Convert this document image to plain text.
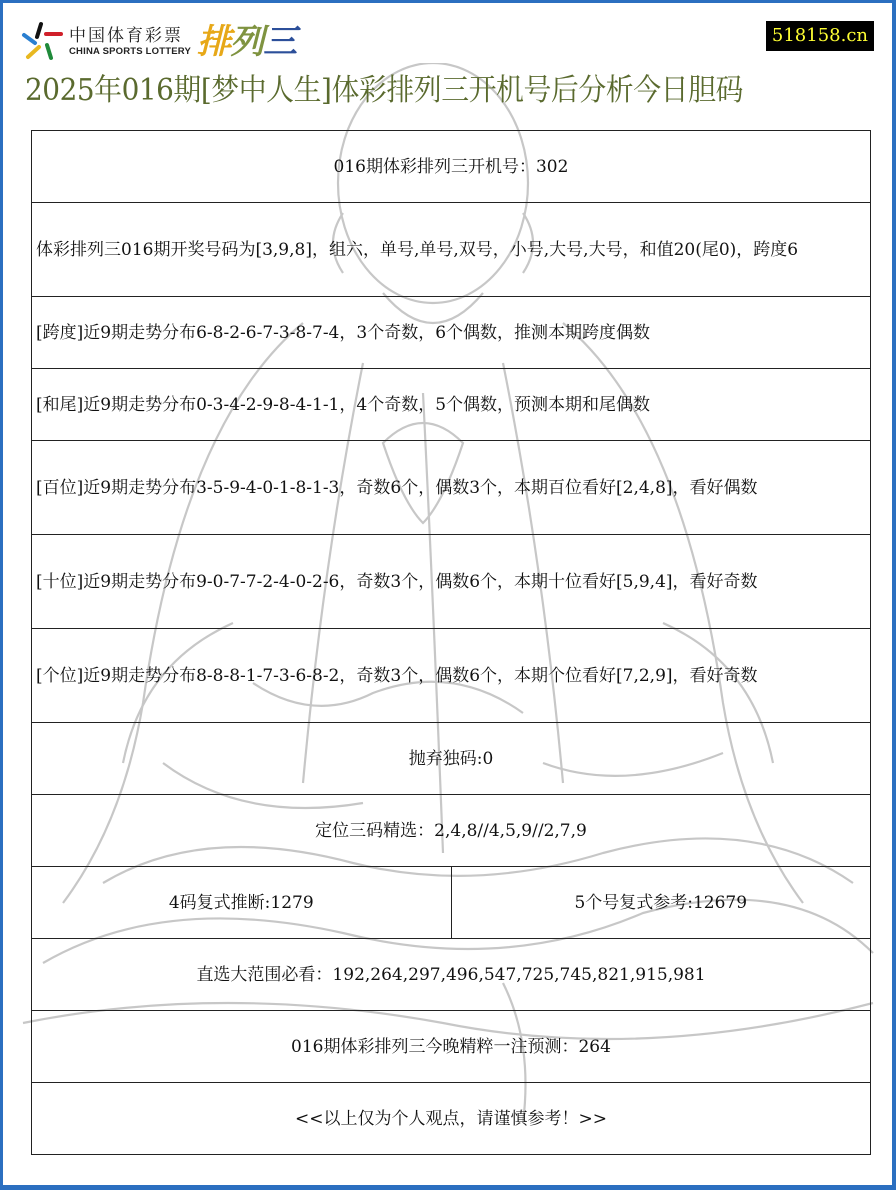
中国体育彩票
CHINA SPORTS LOTTERY 排 列 三	518158.cn
2025年016期[梦中人生]体彩排列三开机号后分析今日胆码
016期体彩排列三开机号：302
体彩排列三016期开奖号码为[3,9,8]，组六，单号,单号,双号，小号,大号,大号，和值20(尾0)，跨度6
[跨度]近9期走势分布6-8-2-6-7-3-8-7-4，3个奇数，6个偶数，推测本期跨度偶数
[和尾]近9期走势分布0-3-4-2-9-8-4-1-1，4个奇数，5个偶数，预测本期和尾偶数
[百位]近9期走势分布3-5-9-4-0-1-8-1-3，奇数6个，偶数3个，本期百位看好[2,4,8]，看好偶数
[十位]近9期走势分布9-0-7-7-2-4-0-2-6，奇数3个，偶数6个，本期十位看好[5,9,4]，看好奇数
[个位]近9期走势分布8-8-8-1-7-3-6-8-2，奇数3个，偶数6个，本期个位看好[7,2,9]，看好奇数
抛弃独码:0
定位三码精选：2,4,8//4,5,9//2,7,9
4码复式推断:1279	5个号复式参考:12679
直选大范围必看：192,264,297,496,547,725,745,821,915,981
016期体彩排列三今晚精粹一注预测：264
<<以上仅为个人观点，请谨慎参考！>>
